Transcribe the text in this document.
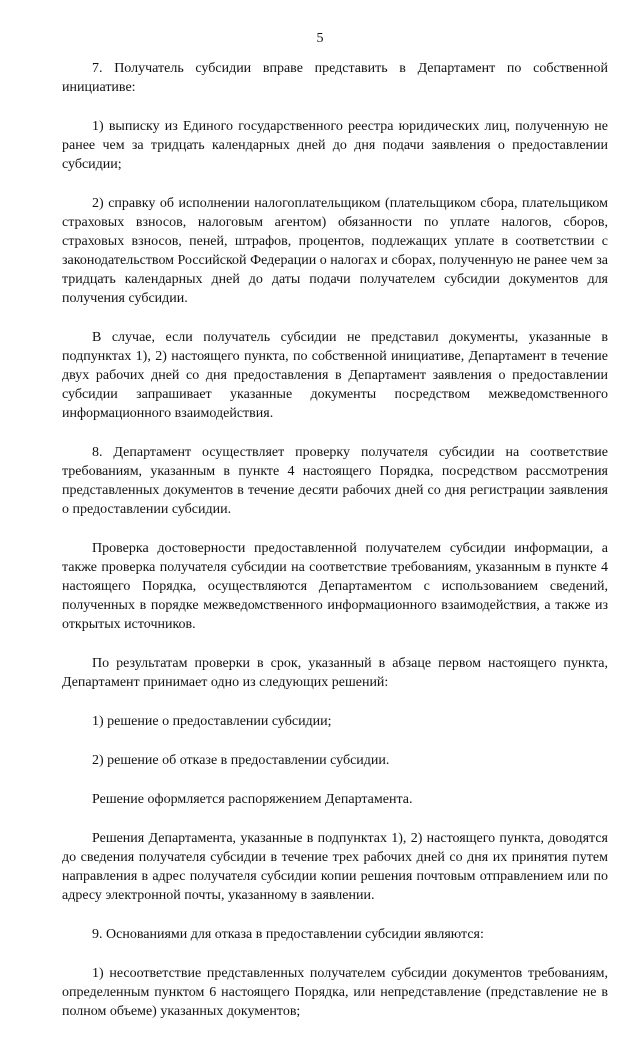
5

7. Получатель субсидии вправе представить в Департамент по собственной инициативе:

1) выписку из Единого государственного реестра юридических лиц, полученную не ранее чем за тридцать календарных дней до дня подачи заявления о предоставлении субсидии;

2) справку об исполнении налогоплательщиком (плательщиком сбора, плательщиком страховых взносов, налоговым агентом) обязанности по уплате налогов, сборов, страховых взносов, пеней, штрафов, процентов, подлежащих уплате в соответствии с законодательством Российской Федерации о налогах и сборах, полученную не ранее чем за тридцать календарных дней до даты подачи получателем субсидии документов для получения субсидии.

В случае, если получатель субсидии не представил документы, указанные в подпунктах 1), 2) настоящего пункта, по собственной инициативе, Департамент в течение двух рабочих дней со дня предоставления в Департамент заявления о предоставлении субсидии запрашивает указанные документы посредством межведомственного информационного взаимодействия.

8. Департамент осуществляет проверку получателя субсидии на соответствие требованиям, указанным в пункте 4 настоящего Порядка, посредством рассмотрения представленных документов в течение десяти рабочих дней со дня регистрации заявления о предоставлении субсидии.

Проверка достоверности предоставленной получателем субсидии информации, а также проверка получателя субсидии на соответствие требованиям, указанным в пункте 4 настоящего Порядка, осуществляются Департаментом с использованием сведений, полученных в порядке межведомственного информационного взаимодействия, а также из открытых источников.

По результатам проверки в срок, указанный в абзаце первом настоящего пункта, Департамент принимает одно из следующих решений:

1) решение о предоставлении субсидии;

2) решение об отказе в предоставлении субсидии.

Решение оформляется распоряжением Департамента.

Решения Департамента, указанные в подпунктах 1), 2) настоящего пункта, доводятся до сведения получателя субсидии в течение трех рабочих дней со дня их принятия путем направления в адрес получателя субсидии копии решения почтовым отправлением или по адресу электронной почты, указанному в заявлении.

9. Основаниями для отказа в предоставлении субсидии являются:

1) несоответствие представленных получателем субсидии документов требованиям, определенным пунктом 6 настоящего Порядка, или непредставление (представление не в полном объеме) указанных документов;
